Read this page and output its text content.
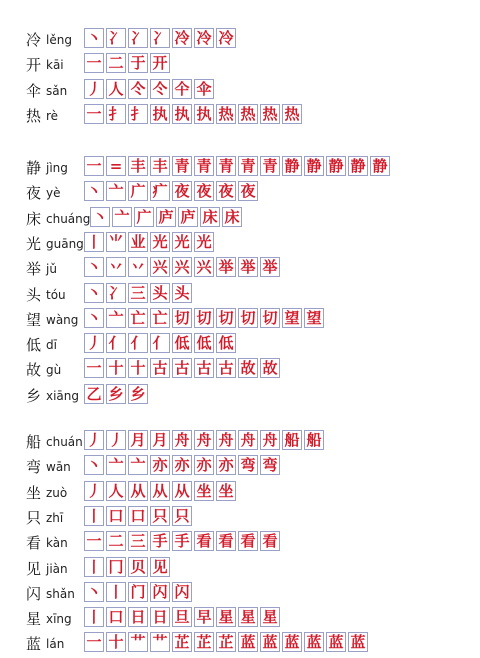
冷 lěng 丶 冫 冫 冫 冷 冷 冷
开 kāi 一 二 于 开
伞 sǎn 丿 人 仒 仒 仐 伞
热 rè 一 扌 扌 执 执 执 热 热 热 热
静 jìng 一 = 丰 丰 青 青 青 青 青 静 静 静 静 静
夜 yè 丶 亠 广 疒 夜 夜 夜 夜
床 chuáng 丶 亠 广 庐 庐 床 床
光 guāng 丨 ⺌ 业 光 光 光
举 jǔ 丶 丷 丷 兴 兴 兴 举 举 举
头 tóu 丶 冫 三 头 头
望 wàng 丶 亠 亡 亡 切 切 切 切 切 望 望
低 dī 丿 亻 亻 亻 低 低 低
故 gù 一 十 十 古 古 古 古 故 故
乡 xiāng 乙 乡 乡
船 chuán 丿 丿 月 月 舟 舟 舟 舟 舟 船 船
弯 wān 丶 亠 亠 亦 亦 亦 亦 弯 弯
坐 zuò 丿 人 从 从 从 坐 坐
只 zhī 丨 口 口 只 只
看 kàn 一 二 三 手 手 看 看 看 看
见 jiàn 丨 冂 贝 见
闪 shǎn 丶 丨 门 闪 闪
星 xīng 丨 口 日 日 旦 早 星 星 星
蓝 lán 一 十 艹 艹 芷 芷 芷 蓝 蓝 蓝 蓝 蓝 蓝
